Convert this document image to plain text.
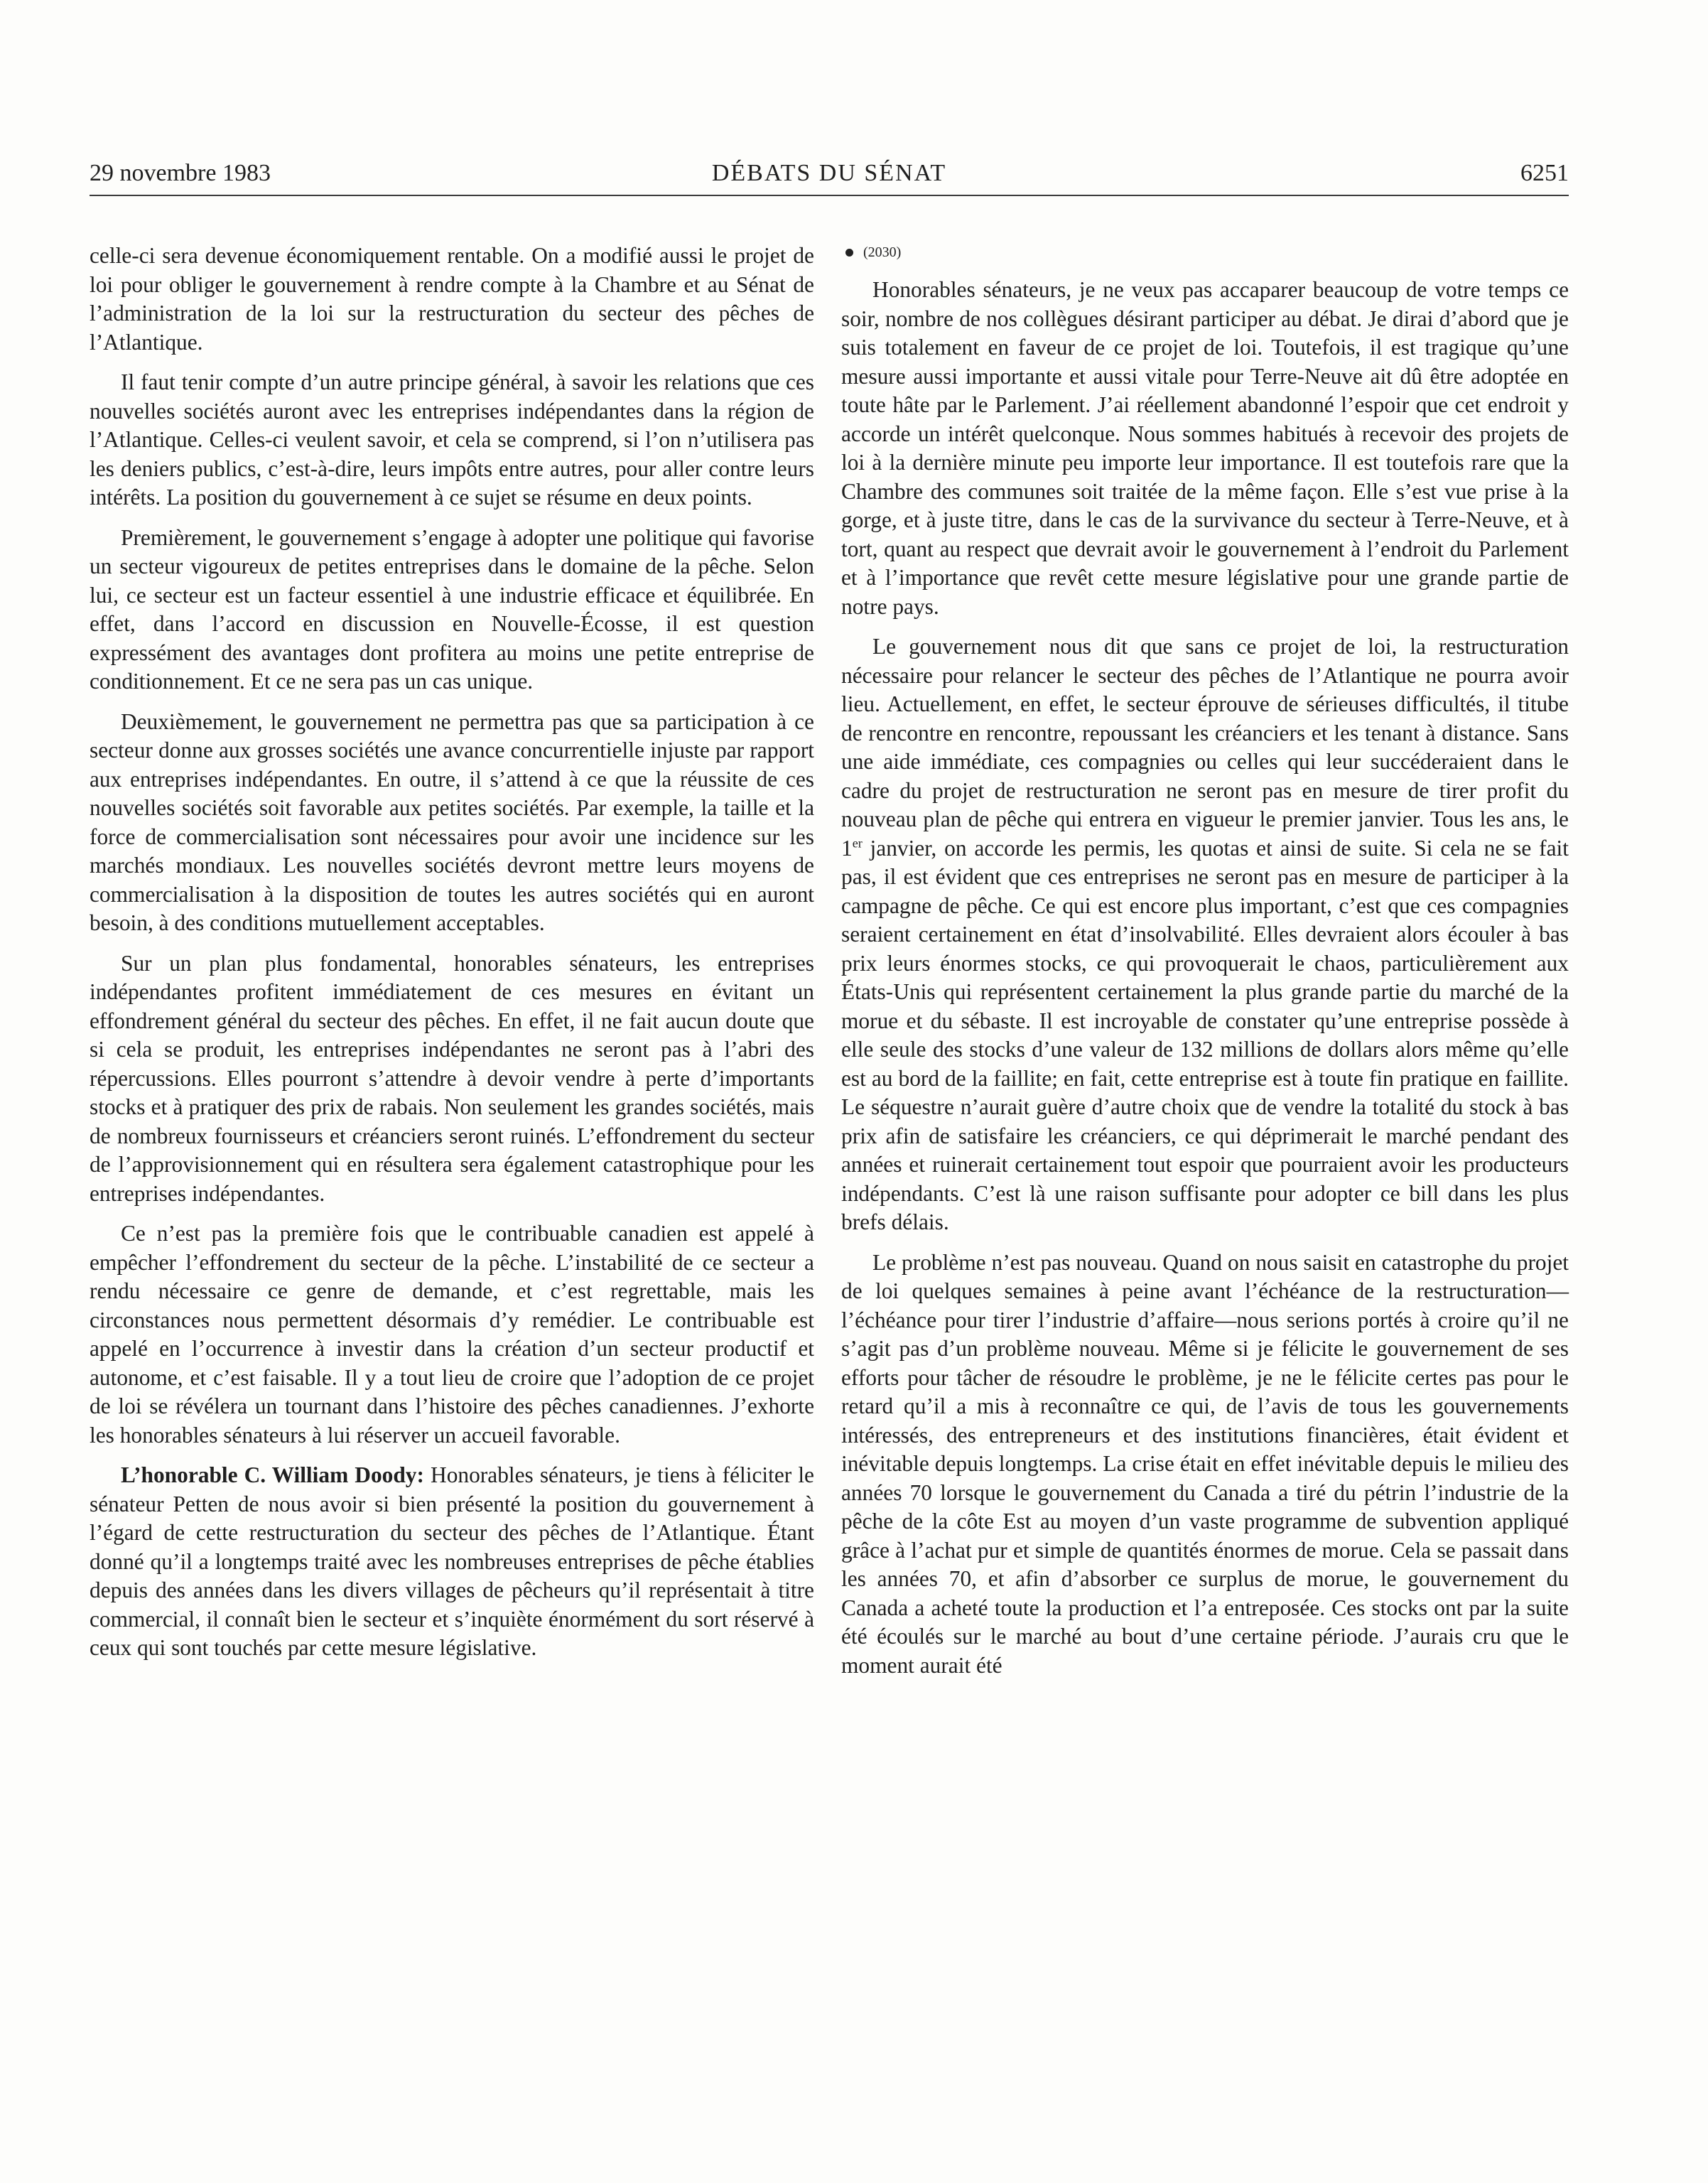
29 novembre 1983	DÉBATS DU SÉNAT	6251

celle-ci sera devenue économiquement rentable. On a modifié aussi le projet de loi pour obliger le gouvernement à rendre compte à la Chambre et au Sénat de l’administration de la loi sur la restructuration du secteur des pêches de l’Atlantique.

Il faut tenir compte d’un autre principe général, à savoir les relations que ces nouvelles sociétés auront avec les entreprises indépendantes dans la région de l’Atlantique. Celles-ci veulent savoir, et cela se comprend, si l’on n’utilisera pas les deniers publics, c’est-à-dire, leurs impôts entre autres, pour aller contre leurs intérêts. La position du gouvernement à ce sujet se résume en deux points.

Premièrement, le gouvernement s’engage à adopter une politique qui favorise un secteur vigoureux de petites entreprises dans le domaine de la pêche. Selon lui, ce secteur est un facteur essentiel à une industrie efficace et équilibrée. En effet, dans l’accord en discussion en Nouvelle-Écosse, il est question expressément des avantages dont profitera au moins une petite entreprise de conditionnement. Et ce ne sera pas un cas unique.

Deuxièmement, le gouvernement ne permettra pas que sa participation à ce secteur donne aux grosses sociétés une avance concurrentielle injuste par rapport aux entreprises indépendantes. En outre, il s’attend à ce que la réussite de ces nouvelles sociétés soit favorable aux petites sociétés. Par exemple, la taille et la force de commercialisation sont nécessaires pour avoir une incidence sur les marchés mondiaux. Les nouvelles sociétés devront mettre leurs moyens de commercialisation à la disposition de toutes les autres sociétés qui en auront besoin, à des conditions mutuellement acceptables.

Sur un plan plus fondamental, honorables sénateurs, les entreprises indépendantes profitent immédiatement de ces mesures en évitant un effondrement général du secteur des pêches. En effet, il ne fait aucun doute que si cela se produit, les entreprises indépendantes ne seront pas à l’abri des répercussions. Elles pourront s’attendre à devoir vendre à perte d’importants stocks et à pratiquer des prix de rabais. Non seulement les grandes sociétés, mais de nombreux fournisseurs et créanciers seront ruinés. L’effondrement du secteur de l’approvisionnement qui en résultera sera également catastrophique pour les entreprises indépendantes.

Ce n’est pas la première fois que le contribuable canadien est appelé à empêcher l’effondrement du secteur de la pêche. L’instabilité de ce secteur a rendu nécessaire ce genre de demande, et c’est regrettable, mais les circonstances nous permettent désormais d’y remédier. Le contribuable est appelé en l’occurrence à investir dans la création d’un secteur productif et autonome, et c’est faisable. Il y a tout lieu de croire que l’adoption de ce projet de loi se révélera un tournant dans l’histoire des pêches canadiennes. J’exhorte les honorables sénateurs à lui réserver un accueil favorable.

L’honorable C. William Doody: Honorables sénateurs, je tiens à féliciter le sénateur Petten de nous avoir si bien présenté la position du gouvernement à l’égard de cette restructuration du secteur des pêches de l’Atlantique. Étant donné qu’il a longtemps traité avec les nombreuses entreprises de pêche établies depuis des années dans les divers villages de pêcheurs qu’il représentait à titre commercial, il connaît bien le secteur et s’inquiète énormément du sort réservé à ceux qui sont touchés par cette mesure législative.

(2030)

Honorables sénateurs, je ne veux pas accaparer beaucoup de votre temps ce soir, nombre de nos collègues désirant participer au débat. Je dirai d’abord que je suis totalement en faveur de ce projet de loi. Toutefois, il est tragique qu’une mesure aussi importante et aussi vitale pour Terre-Neuve ait dû être adoptée en toute hâte par le Parlement. J’ai réellement abandonné l’espoir que cet endroit y accorde un intérêt quelconque. Nous sommes habitués à recevoir des projets de loi à la dernière minute peu importe leur importance. Il est toutefois rare que la Chambre des communes soit traitée de la même façon. Elle s’est vue prise à la gorge, et à juste titre, dans le cas de la survivance du secteur à Terre-Neuve, et à tort, quant au respect que devrait avoir le gouvernement à l’endroit du Parlement et à l’importance que revêt cette mesure législative pour une grande partie de notre pays.

Le gouvernement nous dit que sans ce projet de loi, la restructuration nécessaire pour relancer le secteur des pêches de l’Atlantique ne pourra avoir lieu. Actuellement, en effet, le secteur éprouve de sérieuses difficultés, il titube de rencontre en rencontre, repoussant les créanciers et les tenant à distance. Sans une aide immédiate, ces compagnies ou celles qui leur succéderaient dans le cadre du projet de restructuration ne seront pas en mesure de tirer profit du nouveau plan de pêche qui entrera en vigueur le premier janvier. Tous les ans, le 1er janvier, on accorde les permis, les quotas et ainsi de suite. Si cela ne se fait pas, il est évident que ces entreprises ne seront pas en mesure de participer à la campagne de pêche. Ce qui est encore plus important, c’est que ces compagnies seraient certainement en état d’insolvabilité. Elles devraient alors écouler à bas prix leurs énormes stocks, ce qui provoquerait le chaos, particulièrement aux États-Unis qui représentent certainement la plus grande partie du marché de la morue et du sébaste. Il est incroyable de constater qu’une entreprise possède à elle seule des stocks d’une valeur de 132 millions de dollars alors même qu’elle est au bord de la faillite; en fait, cette entreprise est à toute fin pratique en faillite. Le séquestre n’aurait guère d’autre choix que de vendre la totalité du stock à bas prix afin de satisfaire les créanciers, ce qui déprimerait le marché pendant des années et ruinerait certainement tout espoir que pourraient avoir les producteurs indépendants. C’est là une raison suffisante pour adopter ce bill dans les plus brefs délais.

Le problème n’est pas nouveau. Quand on nous saisit en catastrophe du projet de loi quelques semaines à peine avant l’échéance de la restructuration—l’échéance pour tirer l’industrie d’affaire—nous serions portés à croire qu’il ne s’agit pas d’un problème nouveau. Même si je félicite le gouvernement de ses efforts pour tâcher de résoudre le problème, je ne le félicite certes pas pour le retard qu’il a mis à reconnaître ce qui, de l’avis de tous les gouvernements intéressés, des entrepreneurs et des institutions financières, était évident et inévitable depuis longtemps. La crise était en effet inévitable depuis le milieu des années 70 lorsque le gouvernement du Canada a tiré du pétrin l’industrie de la pêche de la côte Est au moyen d’un vaste programme de subvention appliqué grâce à l’achat pur et simple de quantités énormes de morue. Cela se passait dans les années 70, et afin d’absorber ce surplus de morue, le gouvernement du Canada a acheté toute la production et l’a entreposée. Ces stocks ont par la suite été écoulés sur le marché au bout d’une certaine période. J’aurais cru que le moment aurait été
